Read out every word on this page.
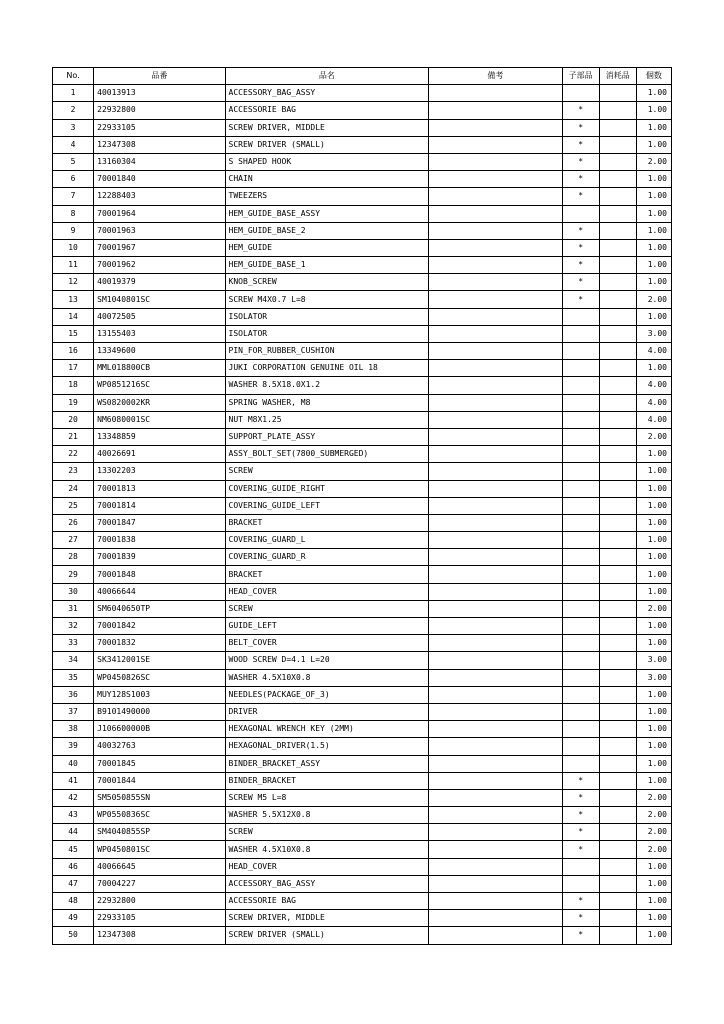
No.	品番	品名	備考	子部品	消耗品	個数
1	40013913	ACCESSORY_BAG_ASSY				1.00
2	22932800	ACCESSORIE BAG		*		1.00
3	22933105	SCREW DRIVER, MIDDLE		*		1.00
4	12347308	SCREW DRIVER (SMALL)		*		1.00
5	13160304	S SHAPED HOOK		*		2.00
6	70001840	CHAIN		*		1.00
7	12288403	TWEEZERS		*		1.00
8	70001964	HEM_GUIDE_BASE_ASSY				1.00
9	70001963	HEM_GUIDE_BASE_2		*		1.00
10	70001967	HEM_GUIDE		*		1.00
11	70001962	HEM_GUIDE_BASE_1		*		1.00
12	40019379	KNOB_SCREW		*		1.00
13	SM1040801SC	SCREW M4X0.7 L=8		*		2.00
14	40072505	ISOLATOR				1.00
15	13155403	ISOLATOR				3.00
16	13349600	PIN_FOR_RUBBER_CUSHION				4.00
17	MML018800CB	JUKI CORPORATION GENUINE OIL 18				1.00
18	WP0851216SC	WASHER 8.5X18.0X1.2				4.00
19	WS0820002KR	SPRING WASHER, M8				4.00
20	NM6080001SC	NUT M8X1.25				4.00
21	13348859	SUPPORT_PLATE_ASSY				2.00
22	40026691	ASSY_BOLT_SET(7800_SUBMERGED)				1.00
23	13302203	SCREW				1.00
24	70001813	COVERING_GUIDE_RIGHT				1.00
25	70001814	COVERING_GUIDE_LEFT				1.00
26	70001847	BRACKET				1.00
27	70001838	COVERING_GUARD_L				1.00
28	70001839	COVERING_GUARD_R				1.00
29	70001848	BRACKET				1.00
30	40066644	HEAD_COVER				1.00
31	SM6040650TP	SCREW				2.00
32	70001842	GUIDE_LEFT				1.00
33	70001832	BELT_COVER				1.00
34	SK3412001SE	WOOD SCREW D=4.1 L=20				3.00
35	WP0450826SC	WASHER 4.5X10X0.8				3.00
36	MUY128S1003	NEEDLES(PACKAGE_OF_3)				1.00
37	B9101490000	DRIVER				1.00
38	J106600000B	HEXAGONAL WRENCH KEY (2MM)				1.00
39	40032763	HEXAGONAL_DRIVER(1.5)				1.00
40	70001845	BINDER_BRACKET_ASSY				1.00
41	70001844	BINDER_BRACKET		*		1.00
42	SM5050855SN	SCREW M5 L=8		*		2.00
43	WP0550836SC	WASHER 5.5X12X0.8		*		2.00
44	SM4040855SP	SCREW		*		2.00
45	WP0450801SC	WASHER 4.5X10X0.8		*		2.00
46	40066645	HEAD_COVER				1.00
47	70004227	ACCESSORY_BAG_ASSY				1.00
48	22932800	ACCESSORIE BAG		*		1.00
49	22933105	SCREW DRIVER, MIDDLE		*		1.00
50	12347308	SCREW DRIVER (SMALL)		*		1.00
